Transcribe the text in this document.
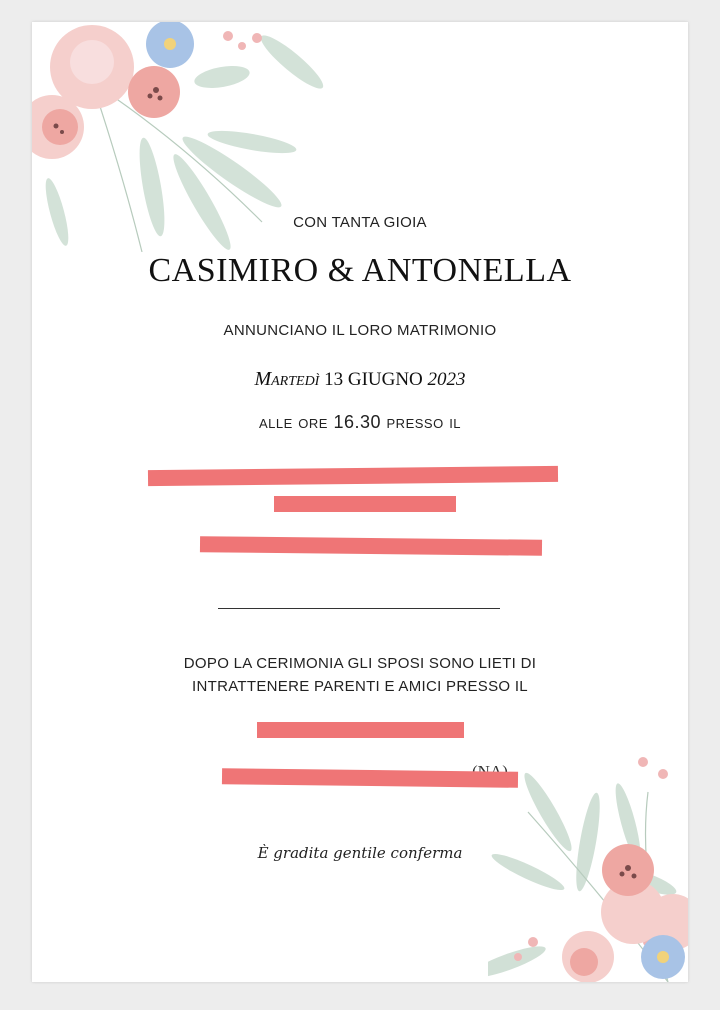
CON TANTA GIOIA
CASIMIRO & ANTONELLA
ANNUNCIANO IL LORO MATRIMONIO
Martedì 13 GIUGNO 2023
alle ore 16.30 presso il
DOPO LA CERIMONIA GLI SPOSI SONO LIETI DI
INTRATTENERE PARENTI E AMICI PRESSO IL
È gradita gentile conferma
